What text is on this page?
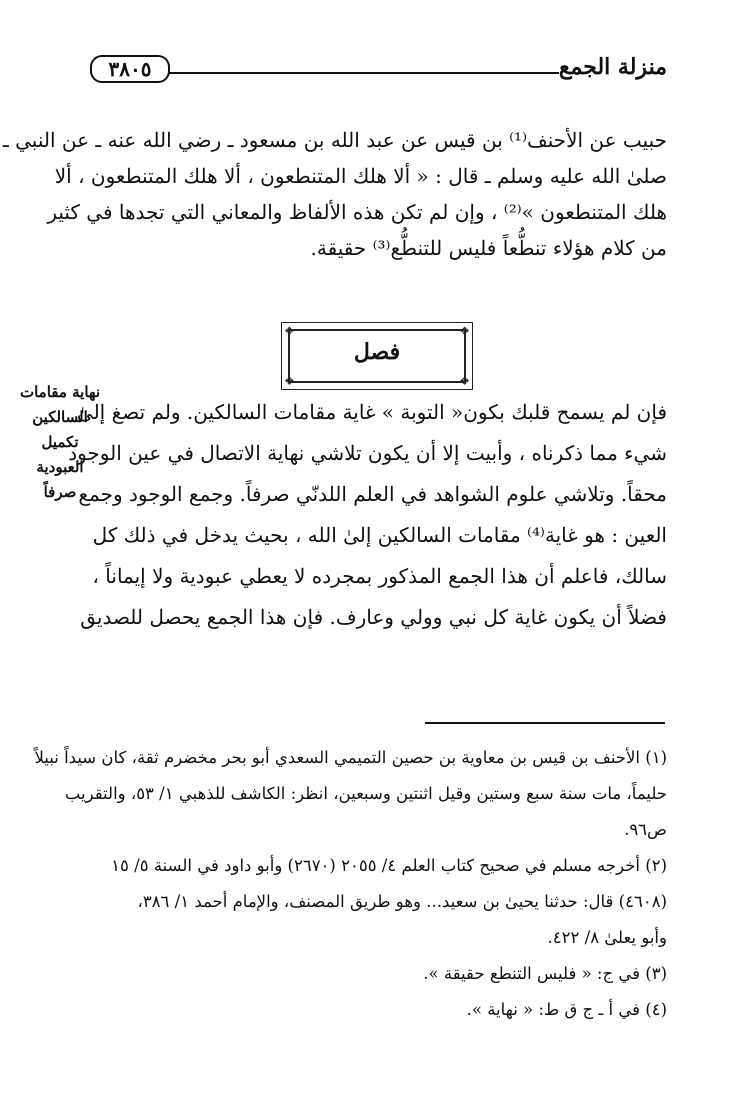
منزلة الجمع
٣٨٠٥
حبيب عن الأحنف⁽¹⁾ بن قيس عن عبد الله بن مسعود ـ رضي الله عنه ـ عن النبي ـ
صلىٰ الله عليه وسلم ـ قال : « ألا هلك المتنطعون ، ألا هلك المتنطعون ، ألا
هلك المتنطعون »⁽²⁾ ، وإن لم تكن هذه الألفاظ والمعاني التي تجدها في كثير
من كلام هؤلاء تنطُّعاً فليس للتنطُّع⁽³⁾ حقيقة.
❖	❖
❖	❖
فصل
نهاية مقامات
السالكين
تكميل
العبودية
صرفاً
فإن لم يسمح قلبك بكون« التوبة » غاية مقامات السالكين. ولم تصغ إلىٰ
شيء مما ذكرناه ، وأبيت إلا أن يكون تلاشي نهاية الاتصال في عين الوجود
محقاً. وتلاشي علوم الشواهد في العلم اللدنّي صرفاً. وجمع الوجود وجمع
العين : هو غاية⁽⁴⁾ مقامات السالكين إلىٰ الله ، بحيث يدخل في ذلك كل
سالك، فاعلم أن هذا الجمع المذكور بمجرده لا يعطي عبودية ولا إيماناً ،
فضلاً أن يكون غاية كل نبي وولي وعارف. فإن هذا الجمع يحصل للصديق
(١) الأحنف بن قيس بن معاوية بن حصين التميمي السعدي أبو بحر مخضرم ثقة، كان سيداً نبيلاً
حليماً، مات سنة سبع وستين وقيل اثنتين وسبعين، انظر: الكاشف للذهبي ١/ ٥٣، والتقريب
ص٩٦.
(٢) أخرجه مسلم في صحيح كتاب العلم ٤/ ٢٠٥٥ (٢٦٧٠) وأبو داود في السنة ٥/ ١٥
(٤٦٠٨) قال: حدثنا يحيىٰ بن سعيد... وهو طريق المصنف، والإمام أحمد ١/ ٣٨٦،
وأبو يعلىٰ ٨/ ٤٢٢.
(٣) في ج: « فليس التنطع حقيقة ».
(٤) في أ ـ ج ق ط: « نهاية ».
